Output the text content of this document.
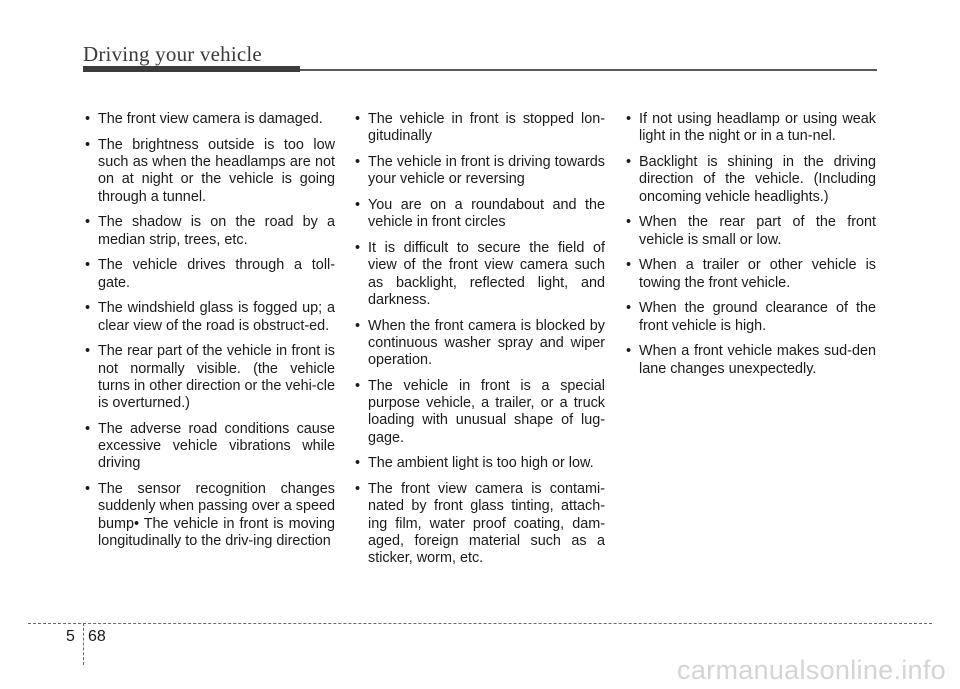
Driving your vehicle
• The front view camera is damaged.
• The brightness outside is too low such as when the headlamps are not on at night or the vehicle is going through a tunnel.
• The shadow is on the road by a median strip, trees, etc.
• The vehicle drives through a toll-gate.
• The windshield glass is fogged up; a clear view of the road is obstruct-ed.
• The rear part of the vehicle in front is not normally visible. (the vehicle turns in other direction or the vehi-cle is overturned.)
• The adverse road conditions cause excessive vehicle vibrations while driving
• The sensor recognition changes suddenly when passing over a speed bump• The vehicle in front is moving longitudinally to the driv-ing direction
• The vehicle in front is stopped lon-gitudinally
• The vehicle in front is driving towards your vehicle or reversing
• You are on a roundabout and the vehicle in front circles
• It is difficult to secure the field of view of the front view camera such as backlight, reflected light, and darkness.
• When the front camera is blocked by continuous washer spray and wiper operation.
• The vehicle in front is a special purpose vehicle, a trailer, or a truck loading with unusual shape of lug-gage.
• The ambient light is too high or low.
• The front view camera is contami-nated by front glass tinting, attach-ing film, water proof coating, dam-aged, foreign material such as a sticker, worm, etc.
• If not using headlamp or using weak light in the night or in a tun-nel.
• Backlight is shining in the driving direction of the vehicle. (Including oncoming vehicle headlights.)
• When the rear part of the front vehicle is small or low.
• When a trailer or other vehicle is towing the front vehicle.
• When the ground clearance of the front vehicle is high.
• When a front vehicle makes sud-den lane changes unexpectedly.
5 68
carmanualsonline.info
